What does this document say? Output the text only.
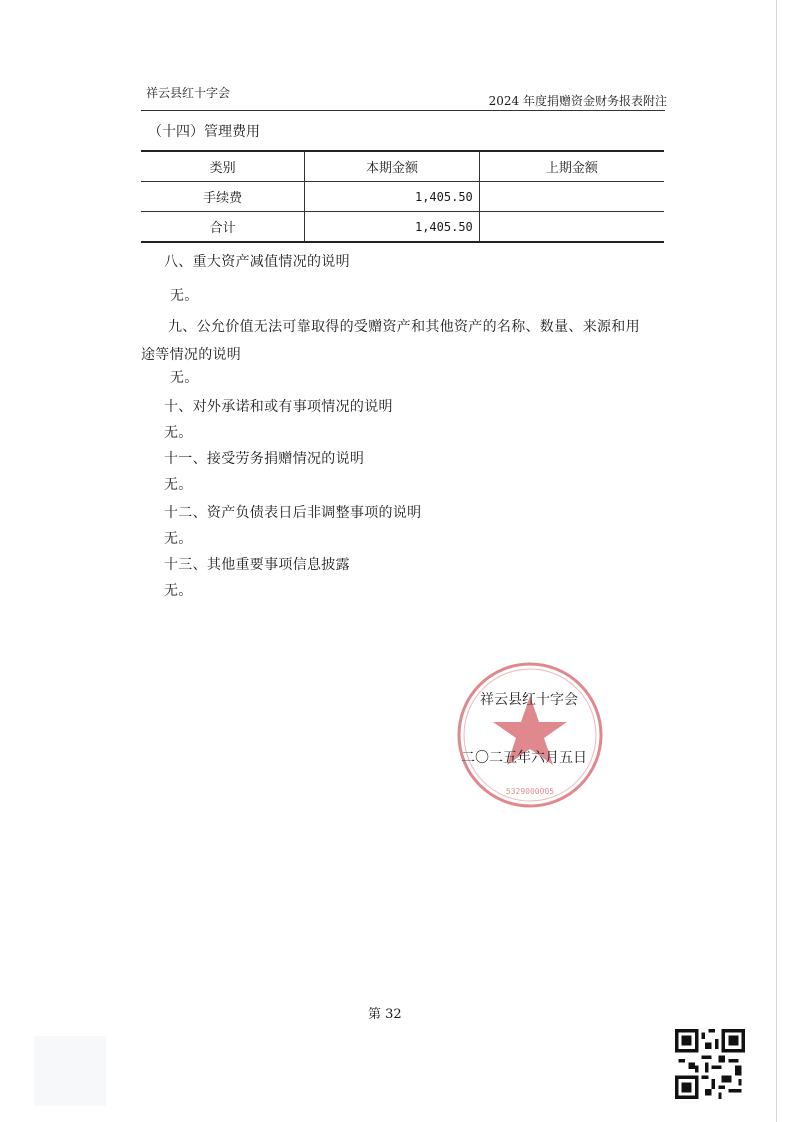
祥云县红十字会
2024 年度捐赠资金财务报表附注
（十四）管理费用
类别	本期金额	上期金额
手续费	1,405.50	
合计	1,405.50	
八、重大资产减值情况的说明
无。
九、公允价值无法可靠取得的受赠资产和其他资产的名称、数量、来源和用途等情况的说明
无。
十、对外承诺和或有事项情况的说明
无。
十一、接受劳务捐赠情况的说明
无。
十二、资产负债表日后非调整事项的说明
无。
十三、其他重要事项信息披露
无。
5329000005
祥云县红十字会
二〇二五年六月五日
第 32
